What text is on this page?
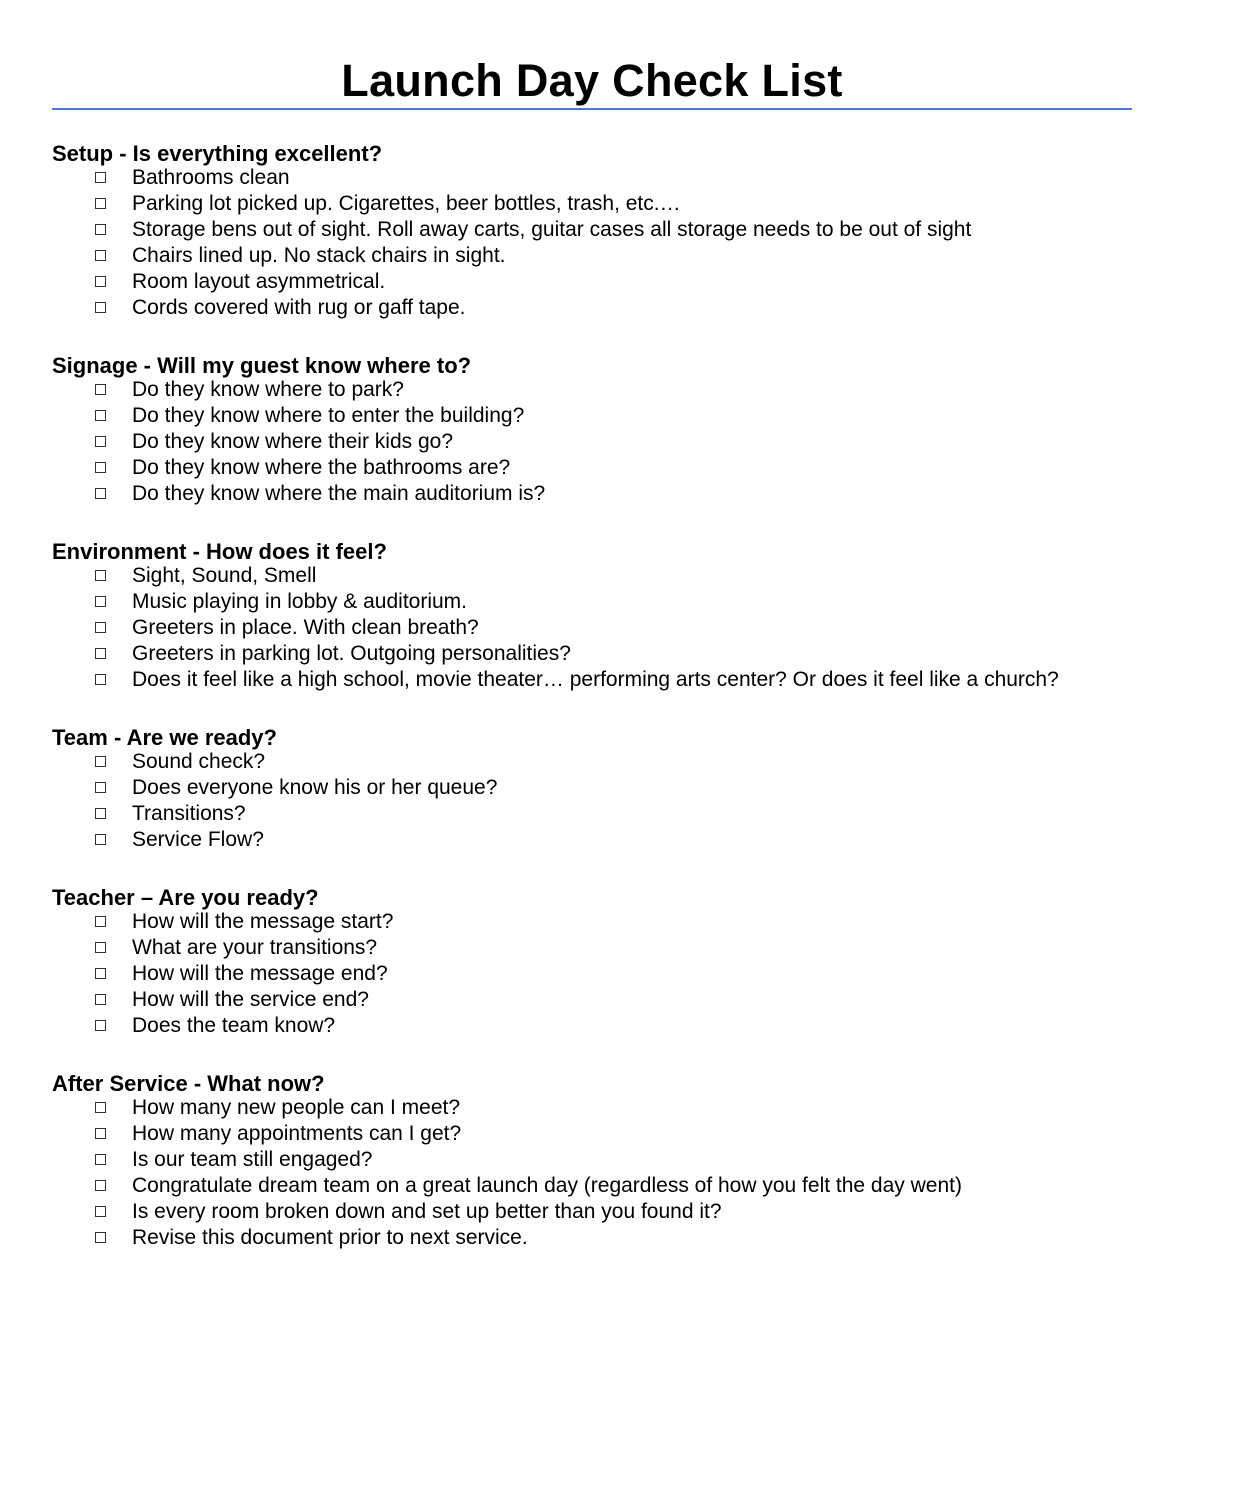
Launch Day Check List
Setup - Is everything excellent?
Bathrooms clean
Parking lot picked up. Cigarettes, beer bottles, trash, etc.…
Storage bens out of sight. Roll away carts, guitar cases all storage needs to be out of sight
Chairs lined up. No stack chairs in sight.
Room layout asymmetrical.
Cords covered with rug or gaff tape.
Signage - Will my guest know where to?
Do they know where to park?
Do they know where to enter the building?
Do they know where their kids go?
Do they know where the bathrooms are?
Do they know where the main auditorium is?
Environment - How does it feel?
Sight, Sound, Smell
Music playing in lobby & auditorium.
Greeters in place. With clean breath?
Greeters in parking lot. Outgoing personalities?
Does it feel like a high school, movie theater… performing arts center? Or does it feel like a church?
Team - Are we ready?
Sound check?
Does everyone know his or her queue?
Transitions?
Service Flow?
Teacher – Are you ready?
How will the message start?
What are your transitions?
How will the message end?
How will the service end?
Does the team know?
After Service - What now?
How many new people can I meet?
How many appointments can I get?
Is our team still engaged?
Congratulate dream team on a great launch day (regardless of how you felt the day went)
Is every room broken down and set up better than you found it?
Revise this document prior to next service.
